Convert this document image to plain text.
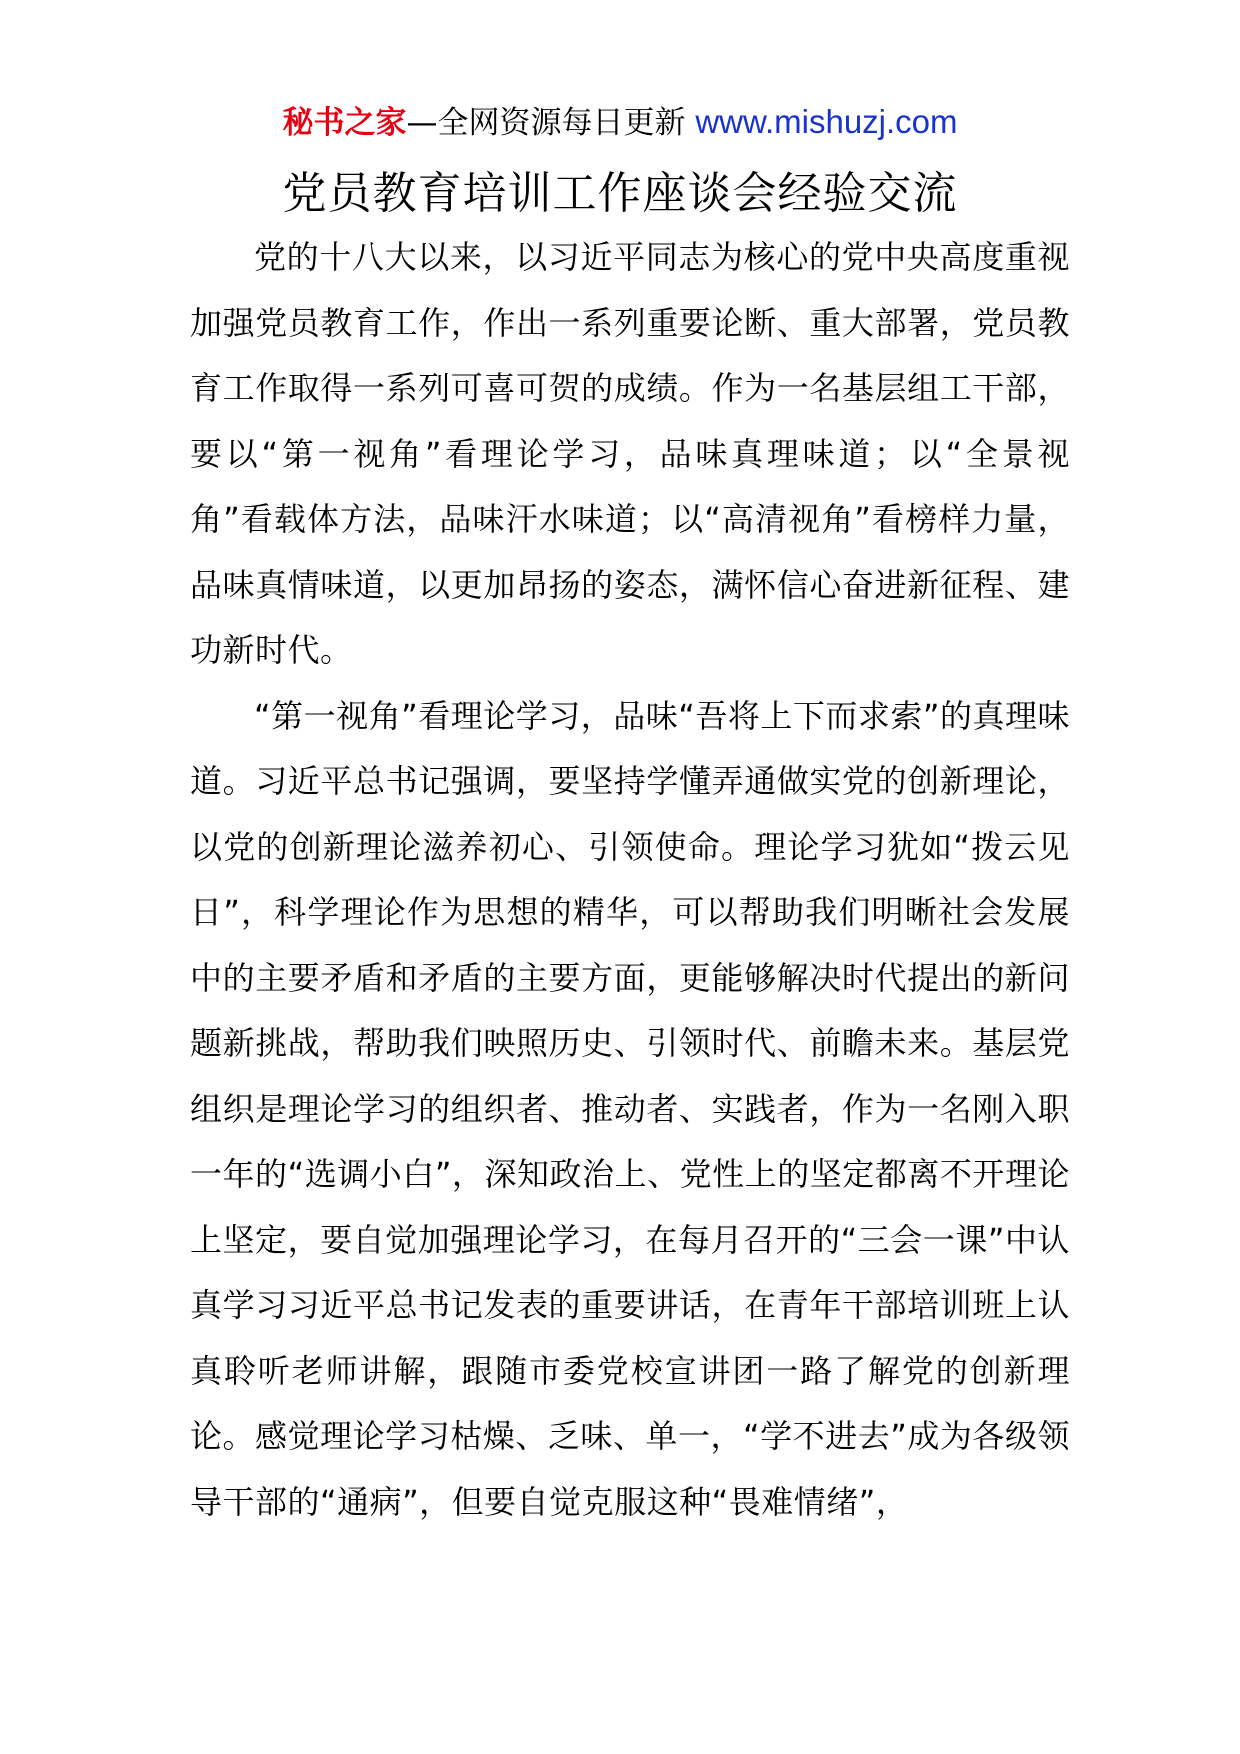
秘书之家—全网资源每日更新 www.mishuzj.com
党员教育培训工作座谈会经验交流

党的十八大以来，以习近平同志为核心的党中央高度重视加强党员教育工作，作出一系列重要论断、重大部署，党员教育工作取得一系列可喜可贺的成绩。作为一名基层组工干部，要以“第一视角”看理论学习，品味真理味道；以“全景视角”看载体方法，品味汗水味道；以“高清视角”看榜样力量，品味真情味道，以更加昂扬的姿态，满怀信心奋进新征程、建功新时代。

“第一视角”看理论学习，品味“吾将上下而求索”的真理味道。习近平总书记强调，要坚持学懂弄通做实党的创新理论，以党的创新理论滋养初心、引领使命。理论学习犹如“拨云见日”，科学理论作为思想的精华，可以帮助我们明晰社会发展中的主要矛盾和矛盾的主要方面，更能够解决时代提出的新问题新挑战，帮助我们映照历史、引领时代、前瞻未来。基层党组织是理论学习的组织者、推动者、实践者，作为一名刚入职一年的“选调小白”，深知政治上、党性上的坚定都离不开理论上坚定，要自觉加强理论学习，在每月召开的“三会一课”中认真学习习近平总书记发表的重要讲话，在青年干部培训班上认真聆听老师讲解，跟随市委党校宣讲团一路了解党的创新理论。感觉理论学习枯燥、乏味、单一，“学不进去”成为各级领导干部的“通病”，但要自觉克服这种“畏难情绪”，
